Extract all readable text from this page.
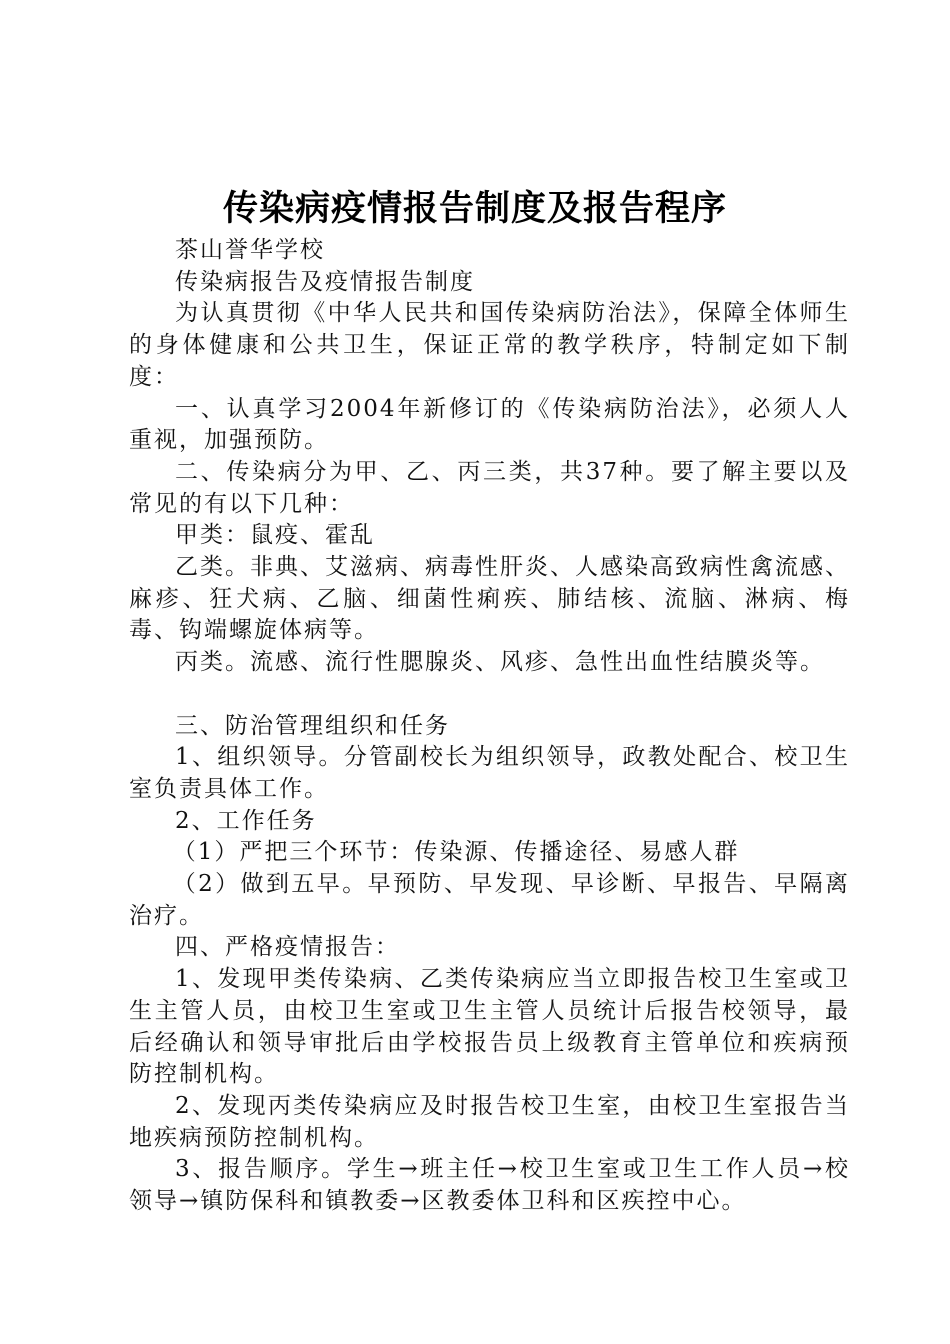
传染病疫情报告制度及报告程序

茶山誉华学校

传染病报告及疫情报告制度

为认真贯彻《中华人民共和国传染病防治法》，保障全体师生的身体健康和公共卫生，保证正常的教学秩序，特制定如下制度：

一、认真学习2004年新修订的《传染病防治法》，必须人人重视，加强预防。

二、传染病分为甲、乙、丙三类，共37种。要了解主要以及常见的有以下几种：

甲类：鼠疫、霍乱

乙类。非典、艾滋病、病毒性肝炎、人感染高致病性禽流感、麻疹、狂犬病、乙脑、细菌性痢疾、肺结核、流脑、淋病、梅毒、钩端螺旋体病等。

丙类。流感、流行性腮腺炎、风疹、急性出血性结膜炎等。

三、防治管理组织和任务

1、组织领导。分管副校长为组织领导，政教处配合、校卫生室负责具体工作。

2、工作任务

（1）严把三个环节：传染源、传播途径、易感人群

（2）做到五早。早预防、早发现、早诊断、早报告、早隔离治疗。

四、严格疫情报告：

1、发现甲类传染病、乙类传染病应当立即报告校卫生室或卫生主管人员，由校卫生室或卫生主管人员统计后报告校领导，最后经确认和领导审批后由学校报告员上级教育主管单位和疾病预防控制机构。

2、发现丙类传染病应及时报告校卫生室，由校卫生室报告当地疾病预防控制机构。

3、报告顺序。学生→班主任→校卫生室或卫生工作人员→校领导→镇防保科和镇教委→区教委体卫科和区疾控中心。
